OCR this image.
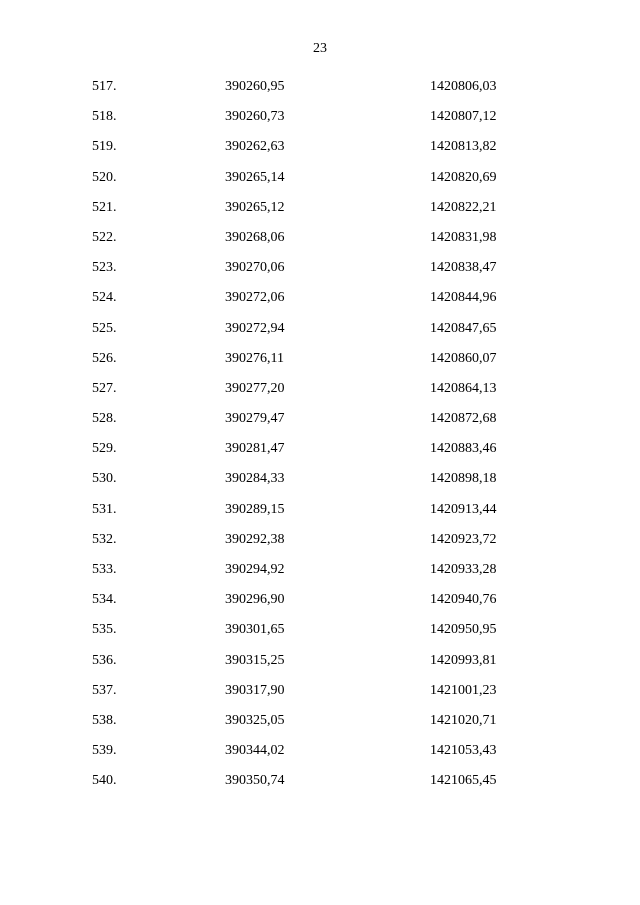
23
517.	390260,95	1420806,03
518.	390260,73	1420807,12
519.	390262,63	1420813,82
520.	390265,14	1420820,69
521.	390265,12	1420822,21
522.	390268,06	1420831,98
523.	390270,06	1420838,47
524.	390272,06	1420844,96
525.	390272,94	1420847,65
526.	390276,11	1420860,07
527.	390277,20	1420864,13
528.	390279,47	1420872,68
529.	390281,47	1420883,46
530.	390284,33	1420898,18
531.	390289,15	1420913,44
532.	390292,38	1420923,72
533.	390294,92	1420933,28
534.	390296,90	1420940,76
535.	390301,65	1420950,95
536.	390315,25	1420993,81
537.	390317,90	1421001,23
538.	390325,05	1421020,71
539.	390344,02	1421053,43
540.	390350,74	1421065,45
